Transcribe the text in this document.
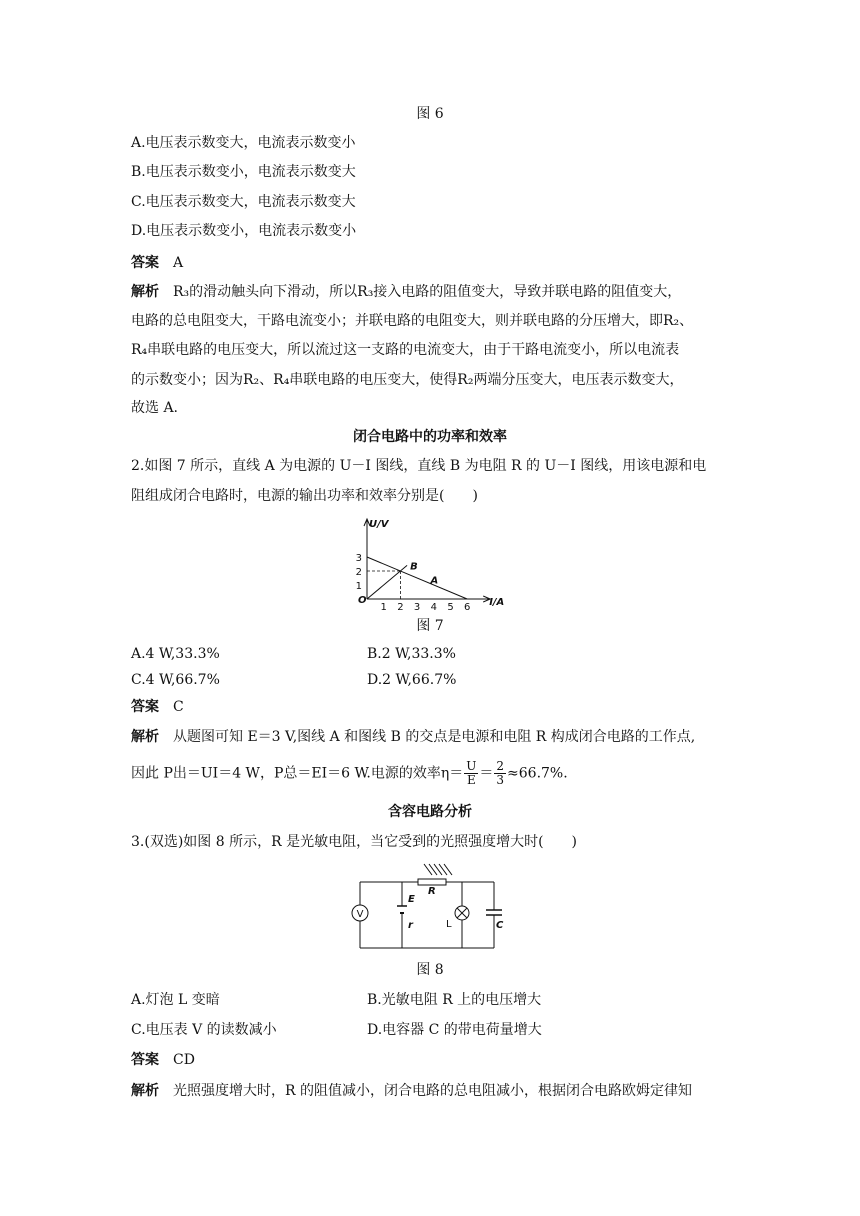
图 6
A.电压表示数变大，电流表示数变小
B.电压表示数变小，电流表示数变大
C.电压表示数变大，电流表示数变大
D.电压表示数变小，电流表示数变小
答案 A
解析 R₃的滑动触头向下滑动，所以R₃接入电路的阻值变大，导致并联电路的阻值变大，
电路的总电阻变大，干路电流变小；并联电路的电阻变大，则并联电路的分压增大，即R₂、
R₄串联电路的电压变大，所以流过这一支路的电流变大，由于干路电流变小，所以电流表
的示数变小；因为R₂、R₄串联电路的电压变大，使得R₂两端分压变大，电压表示数变大，
故选 A.
闭合电路中的功率和效率
2.如图 7 所示，直线 A 为电源的 U－I 图线，直线 B 为电阻 R 的 U－I 图线，用该电源和电
阻组成闭合电路时，电源的输出功率和效率分别是(　　)
U/V
I/A
O
1 2 3 4 5 6
1
2
3
A
B
图 7
A.4 W,33.3%	B.2 W,33.3%
C.4 W,66.7%	D.2 W,66.7%
答案 C
解析 从题图可知 E＝3 V,图线 A 和图线 B 的交点是电源和电阻 R 构成闭合电路的工作点,
因此 P出＝UI＝4 W，P总＝EI＝6 W.电源的效率$\eta= \frac{U}{E} = \frac{2}{3} \approx 66.7\%$.
含容电路分析
3.(双选)如图 8 所示，R 是光敏电阻，当它受到的光照强度增大时(　　)
V
E
r
R
L	C
图 8
A.灯泡 L 变暗	B.光敏电阻 R 上的电压增大
C.电压表 V 的读数减小	D.电容器 C 的带电荷量增大
答案 CD
解析 光照强度增大时，R 的阻值减小，闭合电路的总电阻减小，根据闭合电路欧姆定律知
